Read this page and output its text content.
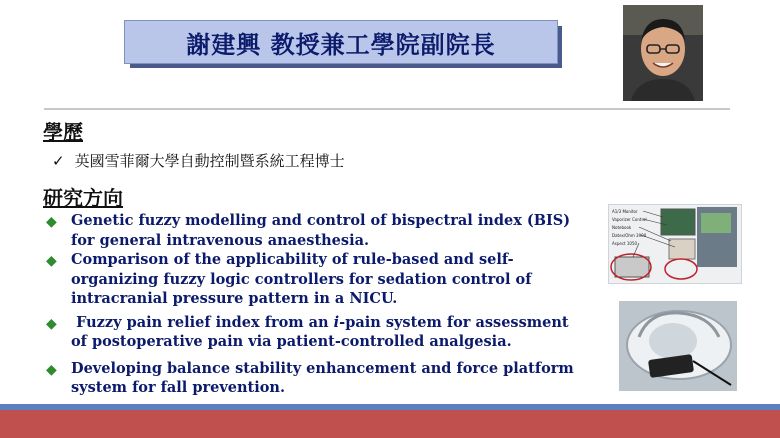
謝建興 教授兼工學院副院長
學歷
✓ 英國雪菲爾大學自動控制暨系統工程博士
研究方向
◆ Genetic fuzzy modelling and control of bispectral index (BIS) for general intravenous anaesthesia.
◆ Comparison of the applicability of rule-based and self-organizing fuzzy logic controllers for sedation control of intracranial pressure pattern in a NICU.
◆ Fuzzy pain relief index from an i-pain system for assessment of postoperative pain via patient-controlled analgesia.
◆ Developing balance stability enhancement and force platform system for fall prevention.
A1/3 Monitor
Vaporizer Control
Notebook
Datex/Ohm 3900
Aspect 1050
